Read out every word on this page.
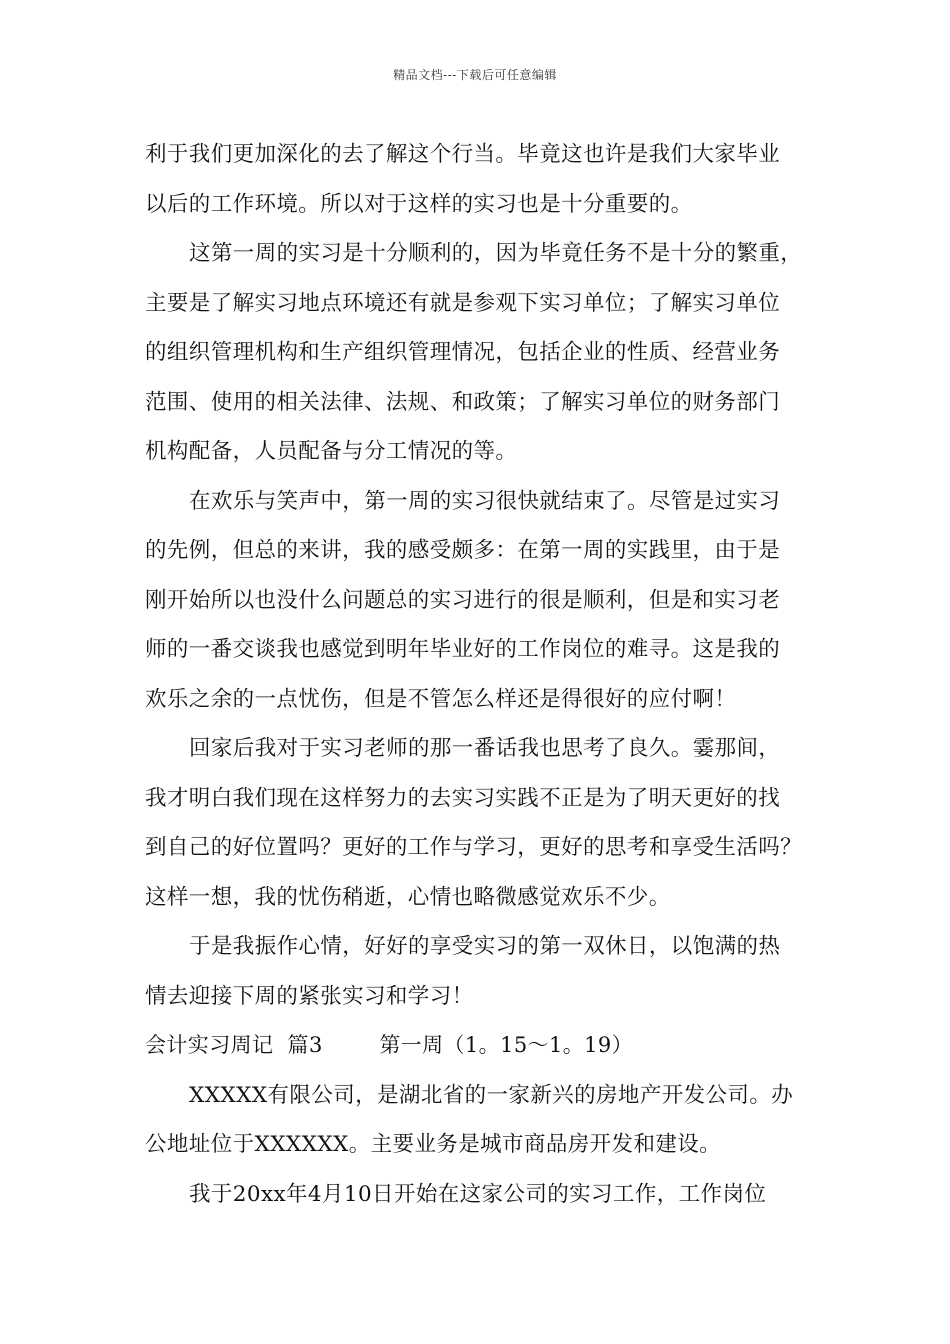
精品文档---下载后可任意编辑
利于我们更加深化的去了解这个行当。毕竟这也许是我们大家毕业
以后的工作环境。所以对于这样的实习也是十分重要的。
这第一周的实习是十分顺利的，因为毕竟任务不是十分的繁重，
主要是了解实习地点环境还有就是参观下实习单位；了解实习单位
的组织管理机构和生产组织管理情况，包括企业的性质、经营业务
范围、使用的相关法律、法规、和政策；了解实习单位的财务部门
机构配备，人员配备与分工情况的等。
在欢乐与笑声中，第一周的实习很快就结束了。尽管是过实习
的先例，但总的来讲，我的感受颇多：在第一周的实践里，由于是
刚开始所以也没什么问题总的实习进行的很是顺利，但是和实习老
师的一番交谈我也感觉到明年毕业好的工作岗位的难寻。这是我的
欢乐之余的一点忧伤，但是不管怎么样还是得很好的应付啊！
回家后我对于实习老师的那一番话我也思考了良久。霎那间，
我才明白我们现在这样努力的去实习实践不正是为了明天更好的找
到自己的好位置吗？更好的工作与学习，更好的思考和享受生活吗？
这样一想，我的忧伤稍逝，心情也略微感觉欢乐不少。
于是我振作心情，好好的享受实习的第一双休日，以饱满的热
情去迎接下周的紧张实习和学习！
会计实习周记  篇3        第一周（1。15～1。19）
XXXXX有限公司，是湖北省的一家新兴的房地产开发公司。办
公地址位于XXXXXX。主要业务是城市商品房开发和建设。
我于20xx年4月10日开始在这家公司的实习工作，工作岗位
